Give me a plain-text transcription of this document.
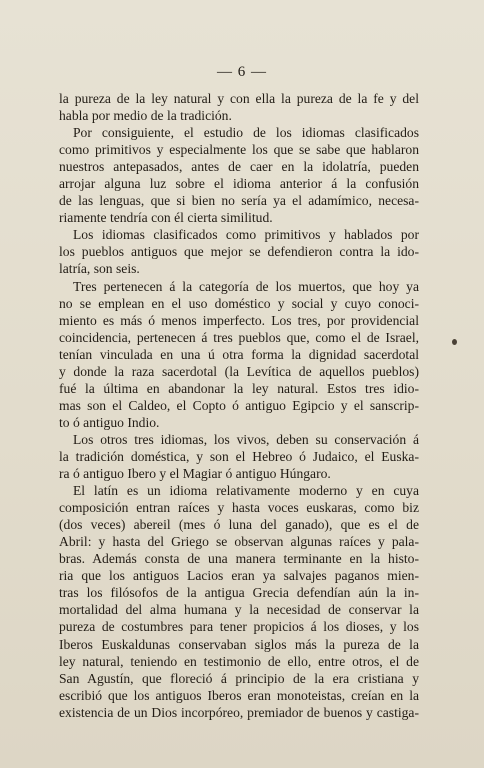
— 6 —
la pureza de la ley natural y con ella la pureza de la fe y del
habla por medio de la tradición.
Por consiguiente, el estudio de los idiomas clasificados
como primitivos y especialmente los que se sabe que hablaron
nuestros antepasados, antes de caer en la idolatría, pueden
arrojar alguna luz sobre el idioma anterior á la confusión
de las lenguas, que si bien no sería ya el adamímico, necesa-
riamente tendría con él cierta similitud.
Los idiomas clasificados como primitivos y hablados por
los pueblos antiguos que mejor se defendieron contra la ido-
latría, son seis.
Tres pertenecen á la categoría de los muertos, que hoy ya
no se emplean en el uso doméstico y social y cuyo conoci-
miento es más ó menos imperfecto. Los tres, por providencial
coincidencia, pertenecen á tres pueblos que, como el de Israel,
tenían vinculada en una ú otra forma la dignidad sacerdotal
y donde la raza sacerdotal (la Levítica de aquellos pueblos)
fué la última en abandonar la ley natural. Estos tres idio-
mas son el Caldeo, el Copto ó antiguo Egipcio y el sanscrip-
to ó antiguo Indio.
Los otros tres idiomas, los vivos, deben su conservación á
la tradición doméstica, y son el Hebreo ó Judaico, el Euska-
ra ó antiguo Ibero y el Magiar ó antiguo Húngaro.
El latín es un idioma relativamente moderno y en cuya
composición entran raíces y hasta voces euskaras, como biz
(dos veces) abereil (mes ó luna del ganado), que es el de
Abril: y hasta del Griego se observan algunas raíces y pala-
bras. Además consta de una manera terminante en la histo-
ria que los antiguos Lacios eran ya salvajes paganos mien-
tras los filósofos de la antigua Grecia defendían aún la in-
mortalidad del alma humana y la necesidad de conservar la
pureza de costumbres para tener propicios á los dioses, y los
Iberos Euskaldunas conservaban siglos más la pureza de la
ley natural, teniendo en testimonio de ello, entre otros, el de
San Agustín, que floreció á principio de la era cristiana y
escribió que los antiguos Iberos eran monoteistas, creían en la
existencia de un Dios incorpóreo, premiador de buenos y castiga-
